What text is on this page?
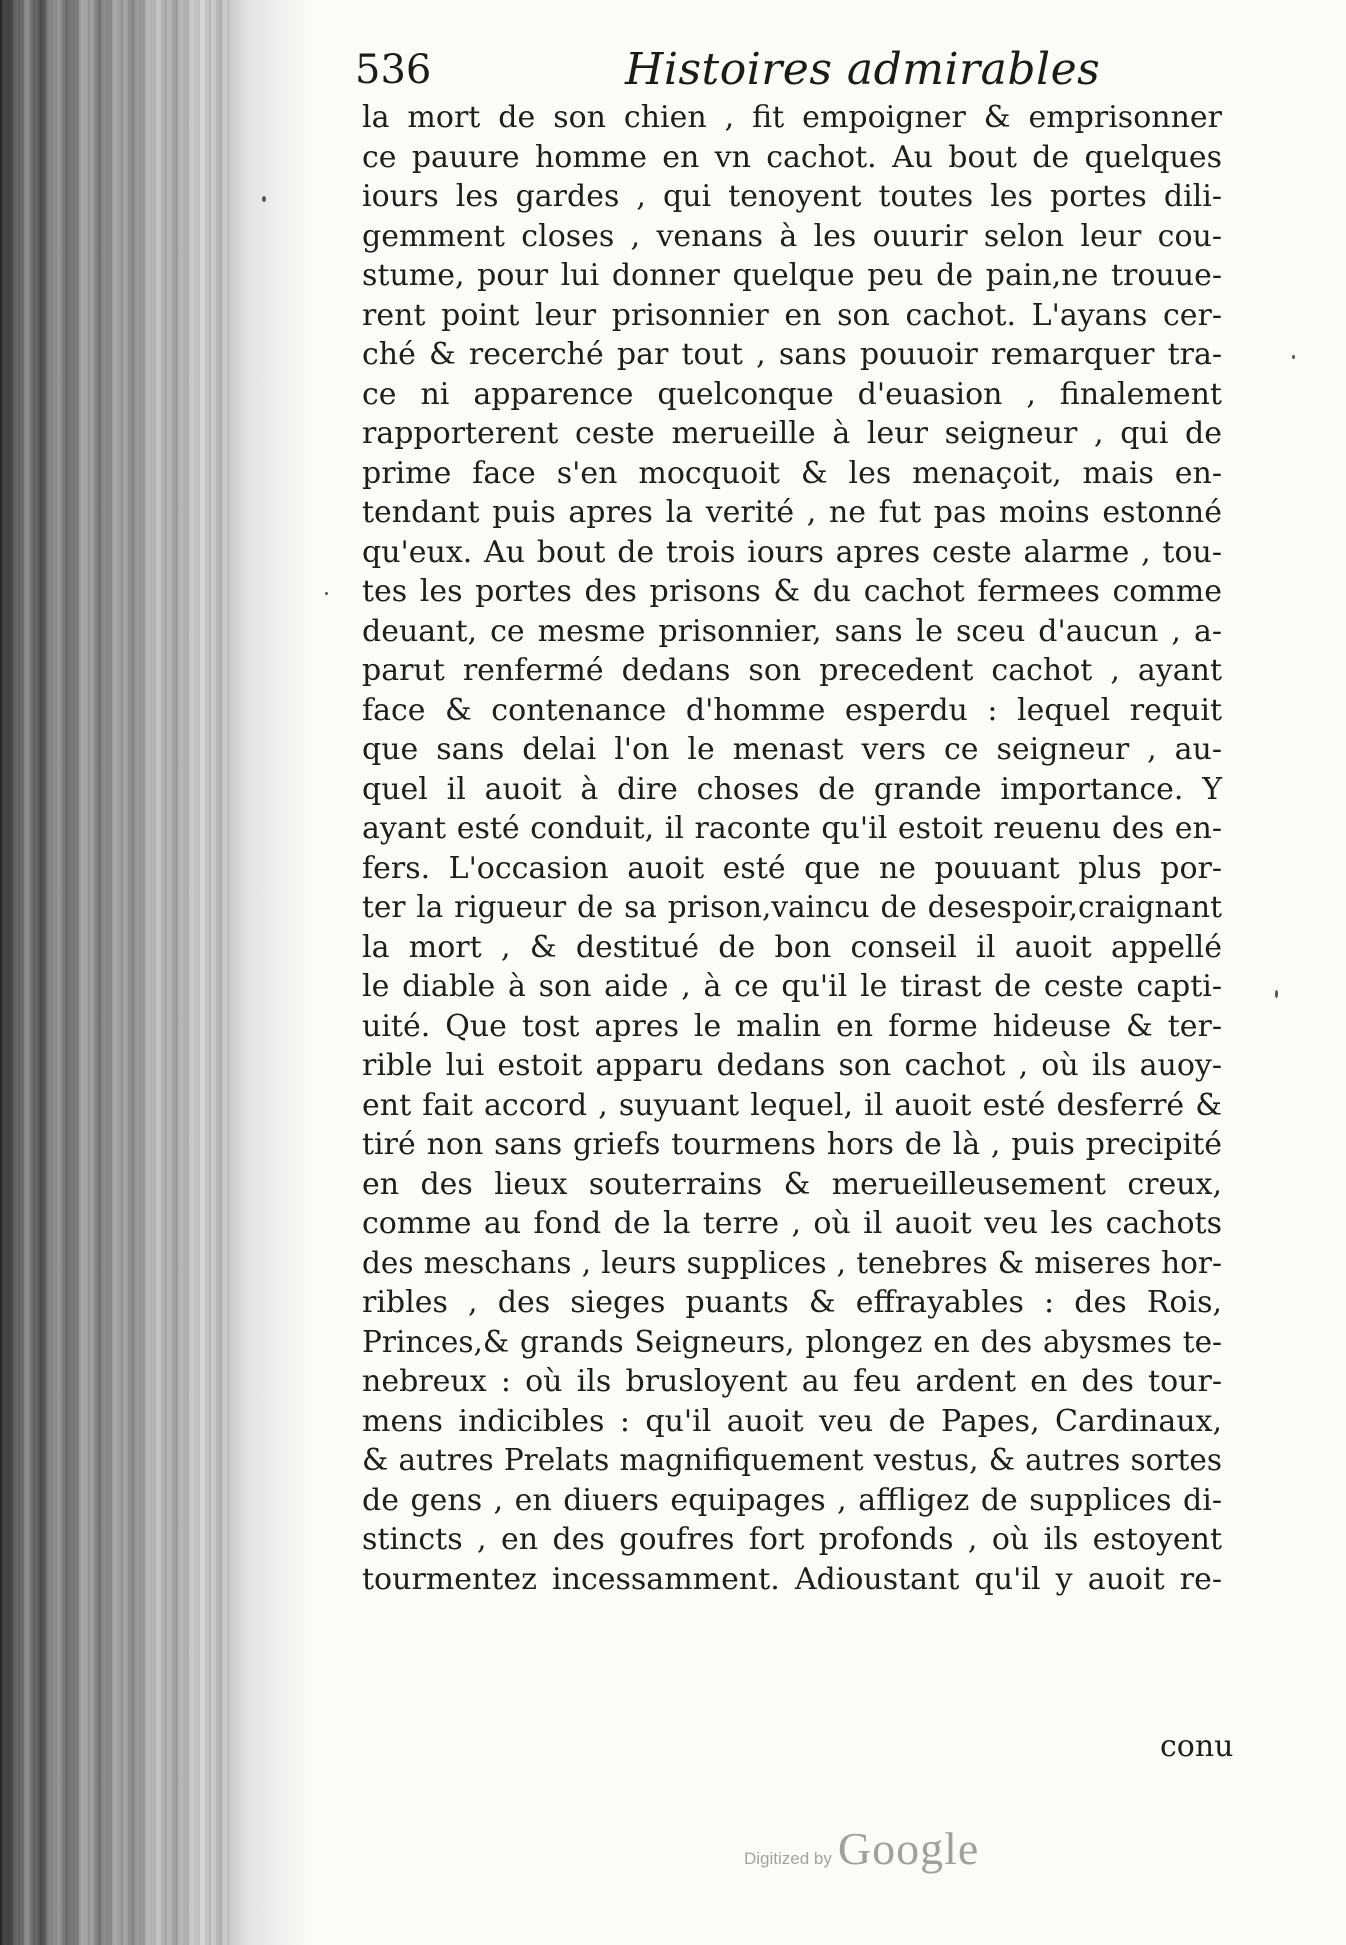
536	Histoires admirables
la mort de son chien , fit empoigner & emprisonner
ce pauure homme en vn cachot. Au bout de quelques
iours les gardes , qui tenoyent toutes les portes dili-
gemment closes , venans à les ouurir selon leur cou-
stume, pour lui donner quelque peu de pain,ne trouue-
rent point leur prisonnier en son cachot. L'ayans cer-
ché & recerché par tout , sans pouuoir remarquer tra-
ce ni apparence quelconque d'euasion , finalement
rapporterent ceste merueille à leur seigneur , qui de
prime face s'en mocquoit & les menaçoit, mais en-
tendant puis apres la verité , ne fut pas moins estonné
qu'eux. Au bout de trois iours apres ceste alarme , tou-
tes les portes des prisons & du cachot fermees comme
deuant, ce mesme prisonnier, sans le sceu d'aucun , a-
parut renfermé dedans son precedent cachot , ayant
face & contenance d'homme esperdu : lequel requit
que sans delai l'on le menast vers ce seigneur , au-
quel il auoit à dire choses de grande importance. Y
ayant esté conduit, il raconte qu'il estoit reuenu des en-
fers. L'occasion auoit esté que ne pouuant plus por-
ter la rigueur de sa prison,vaincu de desespoir,craignant
la mort , & destitué de bon conseil il auoit appellé
le diable à son aide , à ce qu'il le tirast de ceste capti-
uité. Que tost apres le malin en forme hideuse & ter-
rible lui estoit apparu dedans son cachot , où ils auoy-
ent fait accord , suyuant lequel, il auoit esté desferré &
tiré non sans griefs tourmens hors de là , puis precipité
en des lieux souterrains & merueilleusement creux,
comme au fond de la terre , où il auoit veu les cachots
des meschans , leurs supplices , tenebres & miseres hor-
ribles , des sieges puants & effrayables : des Rois,
Princes,& grands Seigneurs, plongez en des abysmes te-
nebreux : où ils brusloyent au feu ardent en des tour-
mens indicibles : qu'il auoit veu de Papes, Cardinaux,
& autres Prelats magnifiquement vestus, & autres sortes
de gens , en diuers equipages , affligez de supplices di-
stincts , en des goufres fort profonds , où ils estoyent
tourmentez incessamment. Adioustant qu'il y auoit re-
conu
Digitized by Google
